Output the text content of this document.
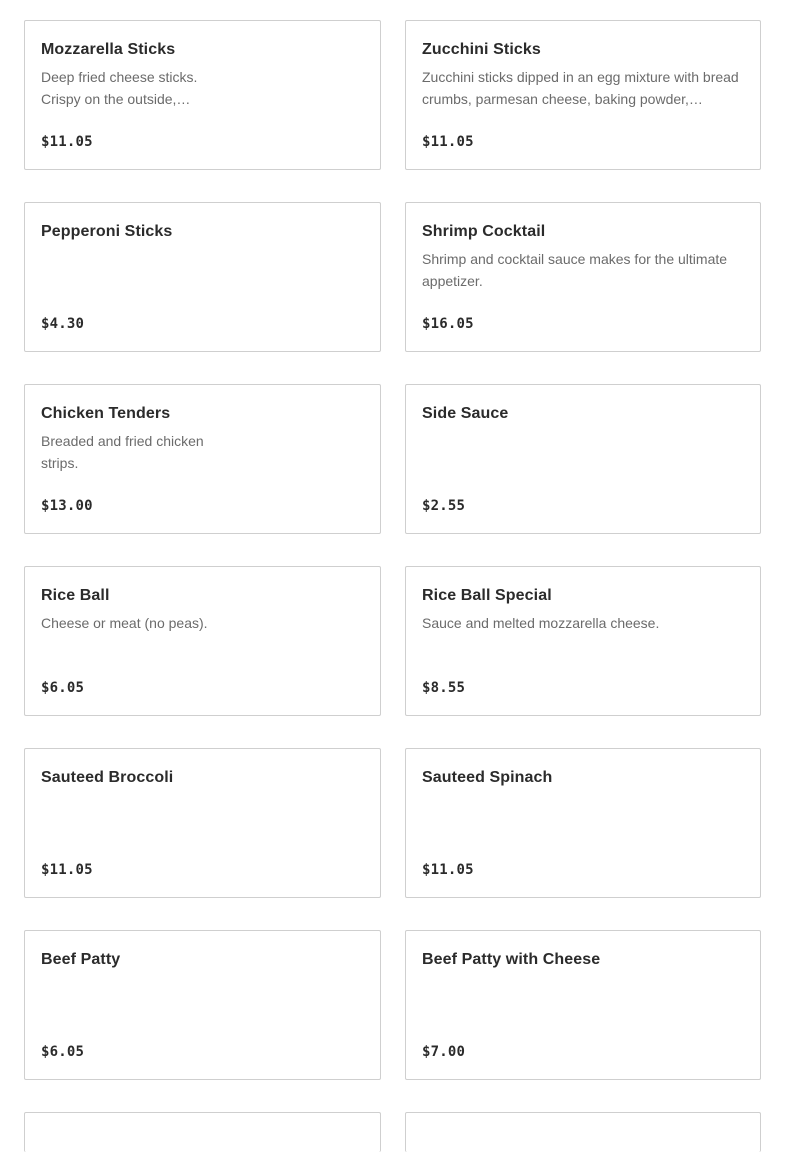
Mozzarella Sticks
Deep fried cheese sticks. Crispy on the outside,…
$11.05
Zucchini Sticks
Zucchini sticks dipped in an egg mixture with bread crumbs, parmesan cheese, baking powder,…
$11.05
Pepperoni Sticks
$4.30
Shrimp Cocktail
Shrimp and cocktail sauce makes for the ultimate appetizer.
$16.05
Chicken Tenders
Breaded and fried chicken strips.
$13.00
Side Sauce
$2.55
Rice Ball
Cheese or meat (no peas).
$6.05
Rice Ball Special
Sauce and melted mozzarella cheese.
$8.55
Sauteed Broccoli
$11.05
Sauteed Spinach
$11.05
Beef Patty
$6.05
Beef Patty with Cheese
$7.00
